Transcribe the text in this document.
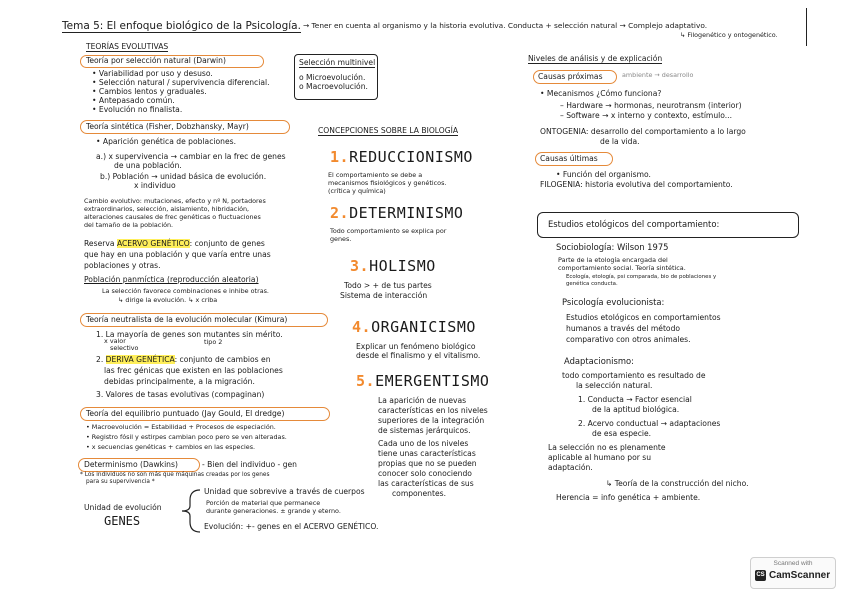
Tema 5: El enfoque biológico de la Psicología. → Tener en cuenta al organismo y la historia evolutiva. Conducta + selección natural → Complejo adaptativo.
↳ Filogenético y ontogenético.
TEORÍAS EVOLUTIVAS
Teoría por selección natural (Darwin)
• Variabilidad por uso y desuso.
• Selección natural / supervivencia diferencial.
• Cambios lentos y graduales.
• Antepasado común.
• Evolución no finalista.
Teoría sintética (Fisher, Dobzhansky, Mayr)
• Aparición genética de poblaciones.
a.) x supervivencia → cambiar en la frec de genes
de una población.
b.) Población → unidad básica de evolución.
x individuo
Cambio evolutivo: mutaciones, efecto y nº N, portadores
extraordinarios, selección, aislamiento, hibridación,
alteraciones causales de frec genéticas o fluctuaciones
del tamaño de la población.
Reserva ACERVO GENÉTICO: conjunto de genes
que hay en una población y que varía entre unas
poblaciones y otras.
Población panmíctica (reproducción aleatoria)
La selección favorece combinaciones e inhibe otras.
↳ dirige la evolución. ↳ x criba
Teoría neutralista de la evolución molecular (Kimura)
1. La mayoría de genes son mutantes sin mérito.
x valor
selectivo
tipo 2
2. DERIVA GENÉTICA: conjunto de cambios en
las frec génicas que existen en las poblaciones
debidas principalmente, a la migración.
3. Valores de tasas evolutivas (compaginan)
Teoría del equilibrio puntuado (Jay Gould, El dredge)
• Macroevolución = Estabilidad + Procesos de especiación.
• Registro fósil y estirpes cambian poco pero se ven alteradas.
• x secuencias genéticas + cambios en las especies.
Determinismo (Dawkins)	- Bien del individuo - gen
* Los individuos no son más que máquinas creadas por los genes
para su supervivencia *
Unidad de evolución
GENES
Unidad que sobrevive a través de cuerpos
Porción de material que permanece
durante generaciones. ± grande y eterno.
Evolución: +- genes en el ACERVO GENÉTICO.
Selección multinivel
o Microevolución.
o Macroevolución.
CONCEPCIONES SOBRE LA BIOLOGÍA
1.REDUCCIONISMO
El comportamiento se debe a
mecanismos fisiológicos y genéticos.
(crítica y química)
2.DETERMINISMO
Todo comportamiento se explica por
genes.
3.HOLISMO
Todo > + de tus partes
Sistema de interacción
4.ORGANICISMO
Explicar un fenómeno biológico
desde el finalismo y el vitalismo.
5.EMERGENTISMO
La aparición de nuevas
características en los niveles
superiores de la integración
de sistemas jerárquicos.
Cada uno de los niveles
tiene unas características
propias que no se pueden
conocer solo conociendo
las características de sus
componentes.
Niveles de análisis y de explicación
Causas próximas	ambiente → desarrollo
• Mecanismos ¿Cómo funciona?
– Hardware → hormonas, neurotransm (interior)
– Software → x interno y contexto, estímulo...
ONTOGENIA: desarrollo del comportamiento a lo largo
de la vida.
Causas últimas
• Función del organismo.
FILOGENIA: historia evolutiva del comportamiento.
Estudios etológicos del comportamiento:
Sociobiología: Wilson 1975
Parte de la etología encargada del
comportamiento social. Teoría sintética.
Ecología, etología, psi comparada, bio de poblaciones y
genética conducta.
Psicología evolucionista:
Estudios etológicos en comportamientos
humanos a través del método
comparativo con otros animales.
Adaptacionismo:
todo comportamiento es resultado de
la selección natural.
1. Conducta → Factor esencial
de la aptitud biológica.
2. Acervo conductual → adaptaciones
de esa especie.
La selección no es plenamente
aplicable al humano por su
adaptación.
↳ Teoría de la construcción del nicho.
Herencia = info genética + ambiente.
Scanned with
CS CamScanner
